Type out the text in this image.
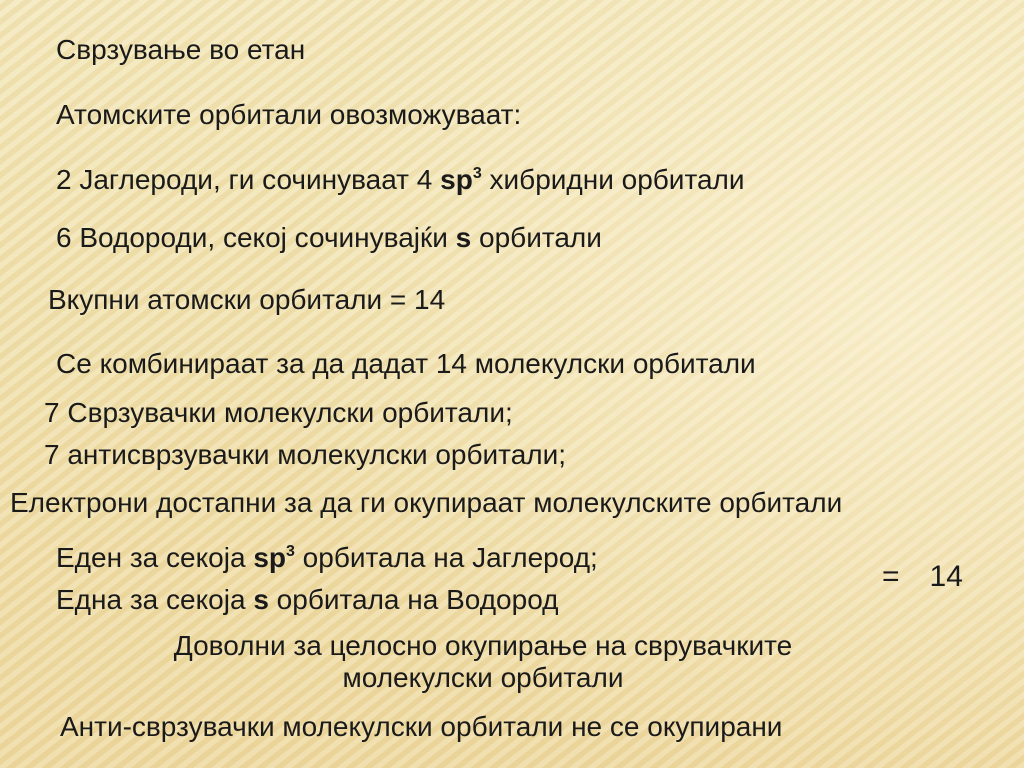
Сврзување во етан

Атомските орбитали овозможуваат:

2 Јаглероди, ги сочинуваат 4 $sp^3$ хибридни орбитали

6 Водороди, секој сочинувајќи s орбитали

Вкупни атомски орбитали = 14

Се комбинираат за да дадат 14 молекулски орбитали

7 Сврзувачки молекулски орбитали;

7 антисврзувачки молекулски орбитали;

Електрони достапни за да ги окупираат молекулските орбитали

Еден за секоја $sp^3$ орбитала на Јаглерод;

Една за секоја s орбитала на Водород

= 14

Доволни за целосно окупирање на сврувачките
молекулски орбитали

Анти-сврзувачки молекулски орбитали не се окупирани
